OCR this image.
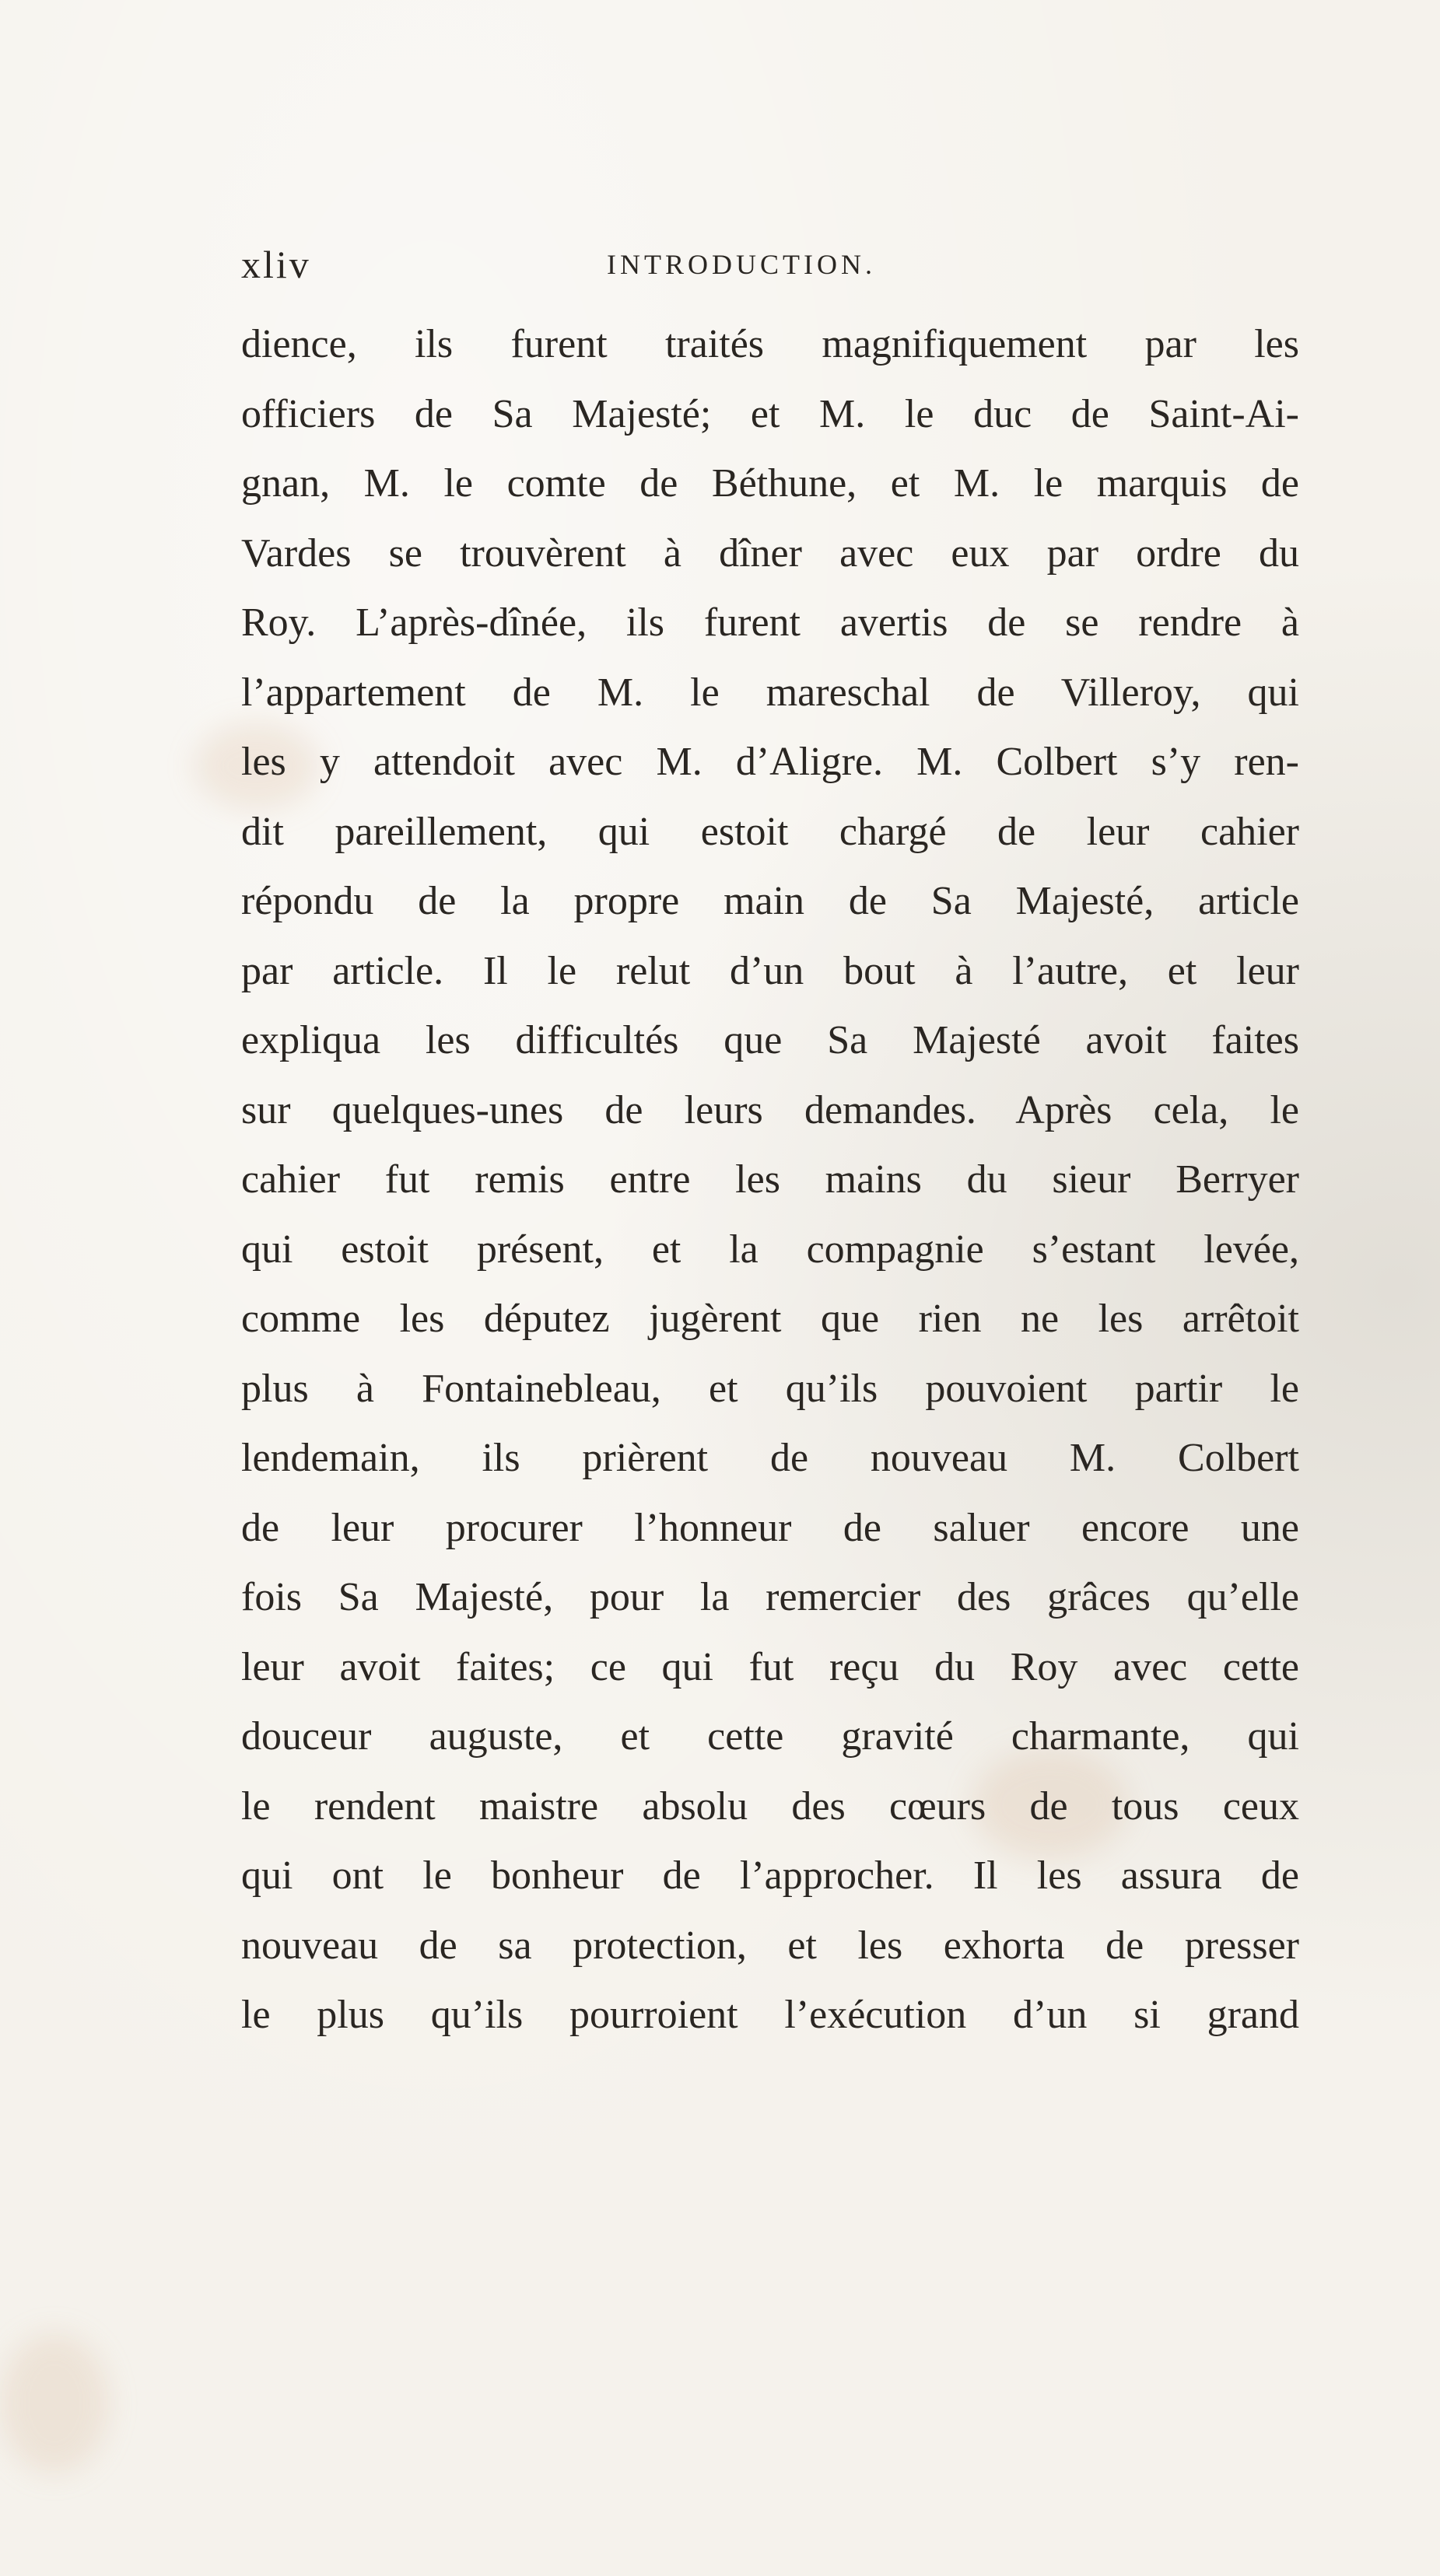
xliv	INTRODUCTION.
dience, ils furent traités magnifiquement par les
officiers de Sa Majesté; et M. le duc de Saint-Ai-
gnan, M. le comte de Béthune, et M. le marquis de
Vardes se trouvèrent à dîner avec eux par ordre du
Roy. L’après-dînée, ils furent avertis de se rendre à
l’appartement de M. le mareschal de Villeroy, qui
les y attendoit avec M. d’Aligre. M. Colbert s’y ren-
dit pareillement, qui estoit chargé de leur cahier
répondu de la propre main de Sa Majesté, article
par article. Il le relut d’un bout à l’autre, et leur
expliqua les difficultés que Sa Majesté avoit faites
sur quelques-unes de leurs demandes. Après cela, le
cahier fut remis entre les mains du sieur Berryer
qui estoit présent, et la compagnie s’estant levée,
comme les députez jugèrent que rien ne les arrêtoit
plus à Fontainebleau, et qu’ils pouvoient partir le
lendemain, ils prièrent de nouveau M. Colbert
de leur procurer l’honneur de saluer encore une
fois Sa Majesté, pour la remercier des grâces qu’elle
leur avoit faites; ce qui fut reçu du Roy avec cette
douceur auguste, et cette gravité charmante, qui
le rendent maistre absolu des cœurs de tous ceux
qui ont le bonheur de l’approcher. Il les assura de
nouveau de sa protection, et les exhorta de presser
le plus qu’ils pourroient l’exécution d’un si grand
